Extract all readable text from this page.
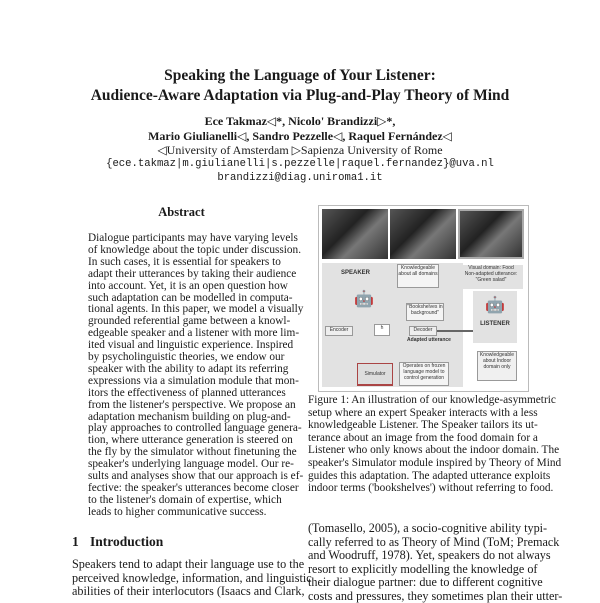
Speaking the Language of Your Listener:
Audience-Aware Adaptation via Plug-and-Play Theory of Mind
Ece Takmaz◁*, Nicolo' Brandizzi▷*,
Mario Giulianelli◁, Sandro Pezzelle◁, Raquel Fernández◁
◁University of Amsterdam ▷Sapienza University of Rome
{ece.takmaz|m.giulianelli|s.pezzelle|raquel.fernandez}@uva.nl
brandizzi@diag.uniroma1.it
Abstract
Dialogue participants may have varying levels
of knowledge about the topic under discussion.
In such cases, it is essential for speakers to
adapt their utterances by taking their audience
into account. Yet, it is an open question how
such adaptation can be modelled in computa-
tional agents. In this paper, we model a visually
grounded referential game between a knowl-
edgeable speaker and a listener with more lim-
ited visual and linguistic experience. Inspired
by psycholinguistic theories, we endow our
speaker with the ability to adapt its referring
expressions via a simulation module that mon-
itors the effectiveness of planned utterances
from the listener's perspective. We propose an
adaptation mechanism building on plug-and-
play approaches to controlled language genera-
tion, where utterance generation is steered on
the fly by the simulator without finetuning the
speaker's underlying language model. Our re-
sults and analyses show that our approach is ef-
fective: the speaker's utterances become closer
to the listener's domain of expertise, which
leads to higher communicative success.
1 Introduction
Speakers tend to adapt their language use to the
perceived knowledge, information, and linguistic
abilities of their interlocutors (Isaacs and Clark,
SPEAKER
Knowledgeable about all domains
Visual domain: Food
Non-adapted utterance:
"Green salad"
🤖
Encoder	h	Decoder
Simulator
Operates on frozen language model to control generation
"Bookshelves in background"
Adapted utterance
🤖
LISTENER
Knowledgeable about Indoor domain only
Figure 1: An illustration of our knowledge-asymmetric
setup where an expert Speaker interacts with a less
knowledgeable Listener. The Speaker tailors its ut-
terance about an image from the food domain for a
Listener who only knows about the indoor domain. The
speaker's Simulator module inspired by Theory of Mind
guides this adaptation. The adapted utterance exploits
indoor terms ('bookshelves') without referring to food.
(Tomasello, 2005), a socio-cognitive ability typi-
cally referred to as Theory of Mind (ToM; Premack
and Woodruff, 1978). Yet, speakers do not always
resort to explicitly modelling the knowledge of
their dialogue partner: due to different cognitive
costs and pressures, they sometimes plan their utter-
